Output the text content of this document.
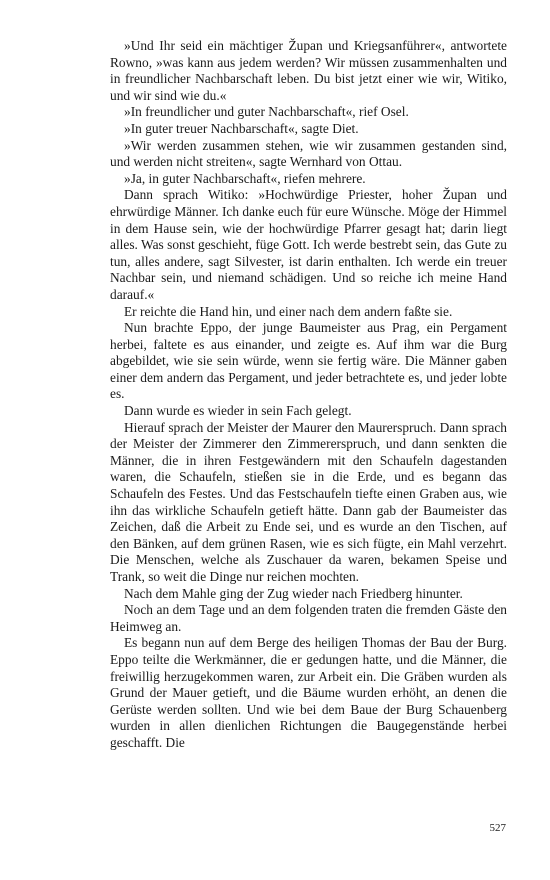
»Und Ihr seid ein mächtiger Župan und Kriegsanführer«, antwortete Rowno, »was kann aus jedem werden? Wir müssen zusammenhalten und in freundlicher Nachbarschaft leben. Du bist jetzt einer wie wir, Witiko, und wir sind wie du.«

»In freundlicher und guter Nachbarschaft«, rief Osel.

»In guter treuer Nachbarschaft«, sagte Diet.

»Wir werden zusammen stehen, wie wir zusammen gestanden sind, und werden nicht streiten«, sagte Wernhard von Ottau.

»Ja, in guter Nachbarschaft«, riefen mehrere.

Dann sprach Witiko: »Hochwürdige Priester, hoher Župan und ehrwürdige Männer. Ich danke euch für eure Wünsche. Möge der Himmel in dem Hause sein, wie der hochwürdige Pfarrer gesagt hat; darin liegt alles. Was sonst geschieht, füge Gott. Ich werde bestrebt sein, das Gute zu tun, alles andere, sagt Silvester, ist darin enthalten. Ich werde ein treuer Nachbar sein, und niemand schädigen. Und so reiche ich meine Hand darauf.«

Er reichte die Hand hin, und einer nach dem andern faßte sie.

Nun brachte Eppo, der junge Baumeister aus Prag, ein Pergament herbei, faltete es aus einander, und zeigte es. Auf ihm war die Burg abgebildet, wie sie sein würde, wenn sie fertig wäre. Die Männer gaben einer dem andern das Pergament, und jeder betrachtete es, und jeder lobte es.

Dann wurde es wieder in sein Fach gelegt.

Hierauf sprach der Meister der Maurer den Maurerspruch. Dann sprach der Meister der Zimmerer den Zimmererspruch, und dann senkten die Männer, die in ihren Festgewändern mit den Schaufeln dagestanden waren, die Schaufeln, stießen sie in die Erde, und es begann das Schaufeln des Festes. Und das Festschaufeln tiefte einen Graben aus, wie ihn das wirkliche Schaufeln getieft hätte. Dann gab der Baumeister das Zeichen, daß die Arbeit zu Ende sei, und es wurde an den Tischen, auf den Bänken, auf dem grünen Rasen, wie es sich fügte, ein Mahl verzehrt. Die Menschen, welche als Zuschauer da waren, bekamen Speise und Trank, so weit die Dinge nur reichen mochten.

Nach dem Mahle ging der Zug wieder nach Friedberg hinunter.

Noch an dem Tage und an dem folgenden traten die fremden Gäste den Heimweg an.

Es begann nun auf dem Berge des heiligen Thomas der Bau der Burg. Eppo teilte die Werkmänner, die er gedungen hatte, und die Männer, die freiwillig herzugekommen waren, zur Arbeit ein. Die Gräben wurden als Grund der Mauer getieft, und die Bäume wurden erhöht, an denen die Gerüste werden sollten. Und wie bei dem Baue der Burg Schauenberg wurden in allen dienlichen Richtungen die Baugegenstände herbei geschafft. Die

527
